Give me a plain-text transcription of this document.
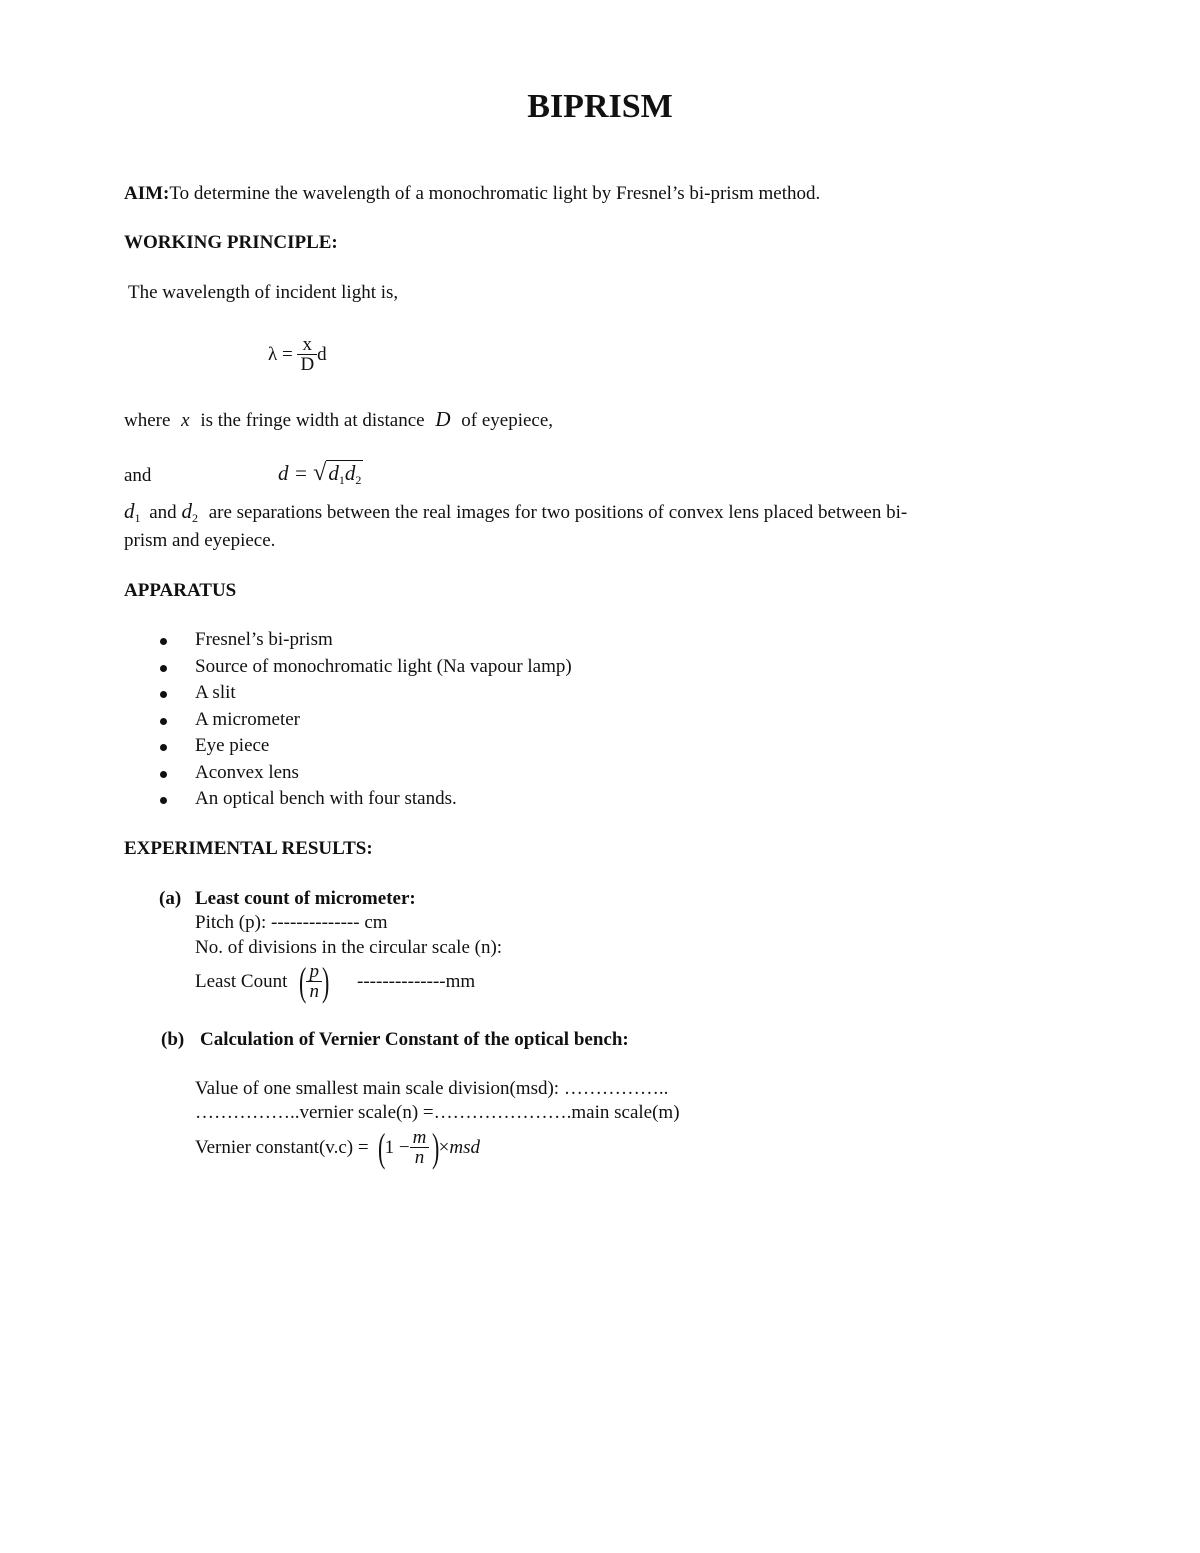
BIPRISM
AIM:To determine the wavelength of a monochromatic light by Fresnel’s bi-prism method.
WORKING PRINCIPLE:
The wavelength of incident light is,
$\lambda = \frac{x}{D}$ d
where x is the fringe width at distance D of eyepiece,
and	$d = √d_1d_2$
$d_1$ and $d_2$ are separations between the real images for two positions of convex lens placed between bi-
prism and eyepiece.
APPARATUS
Fresnel’s bi-prism
Source of monochromatic light (Na vapour lamp)
A slit
A micrometer
Eye piece
Aconvex lens
An optical bench with four stands.
EXPERIMENTAL RESULTS:
(a) Least count of micrometer:
Pitch (p): -------------- cm
No. of divisions in the circular scale (n):
Least Count ( $\frac{p}{n}$ ) --------------mm
(b) Calculation of Vernier Constant of the optical bench:
Value of one smallest main scale division(msd): ……………..
……………..vernier scale(n) =………………….main scale(m)
Vernier constant(v.c) = $(1 - \frac{m}{n} )\times msd$
